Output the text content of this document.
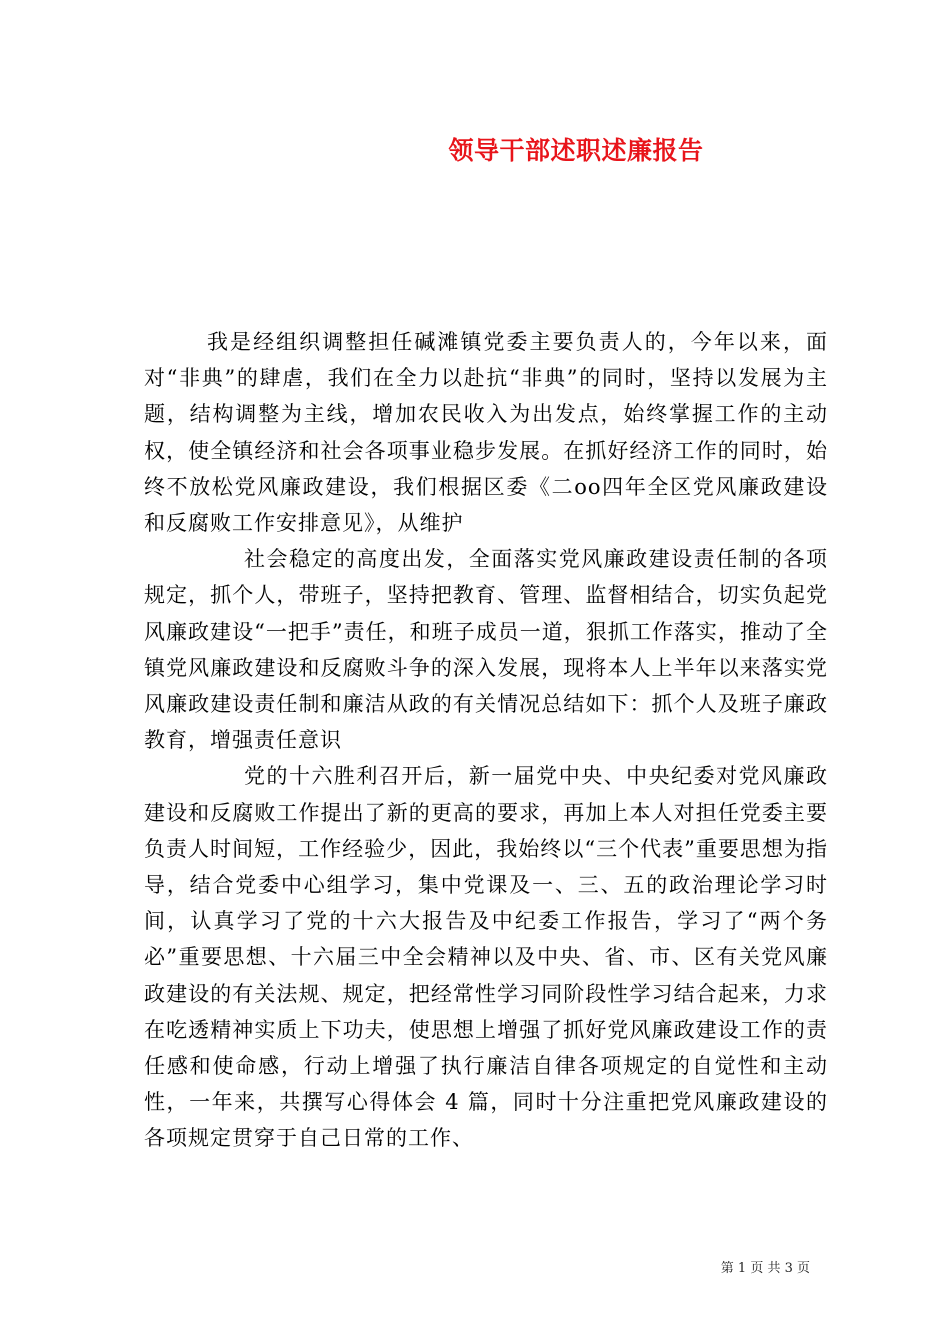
领导干部述职述廉报告

我是经组织调整担任碱滩镇党委主要负责人的，今年以来，面对“非典”的肆虐，我们在全力以赴抗“非典”的同时，坚持以发展为主题，结构调整为主线，增加农民收入为出发点，始终掌握工作的主动权，使全镇经济和社会各项事业稳步发展。在抓好经济工作的同时，始终不放松党风廉政建设，我们根据区委《二oo四年全区党风廉政建设和反腐败工作安排意见》，从维护

社会稳定的高度出发，全面落实党风廉政建设责任制的各项规定，抓个人，带班子，坚持把教育、管理、监督相结合，切实负起党风廉政建设“一把手”责任，和班子成员一道，狠抓工作落实，推动了全镇党风廉政建设和反腐败斗争的深入发展，现将本人上半年以来落实党风廉政建设责任制和廉洁从政的有关情况总结如下：抓个人及班子廉政教育，增强责任意识

党的十六胜利召开后，新一届党中央、中央纪委对党风廉政建设和反腐败工作提出了新的更高的要求，再加上本人对担任党委主要负责人时间短，工作经验少，因此，我始终以“三个代表”重要思想为指导，结合党委中心组学习，集中党课及一、三、五的政治理论学习时间，认真学习了党的十六大报告及中纪委工作报告，学习了“两个务必”重要思想、十六届三中全会精神以及中央、省、市、区有关党风廉政建设的有关法规、规定，把经常性学习同阶段性学习结合起来，力求在吃透精神实质上下功夫，使思想上增强了抓好党风廉政建设工作的责任感和使命感，行动上增强了执行廉洁自律各项规定的自觉性和主动性，一年来，共撰写心得体会 4 篇，同时十分注重把党风廉政建设的各项规定贯穿于自己日常的工作、

第 1 页 共 3 页
